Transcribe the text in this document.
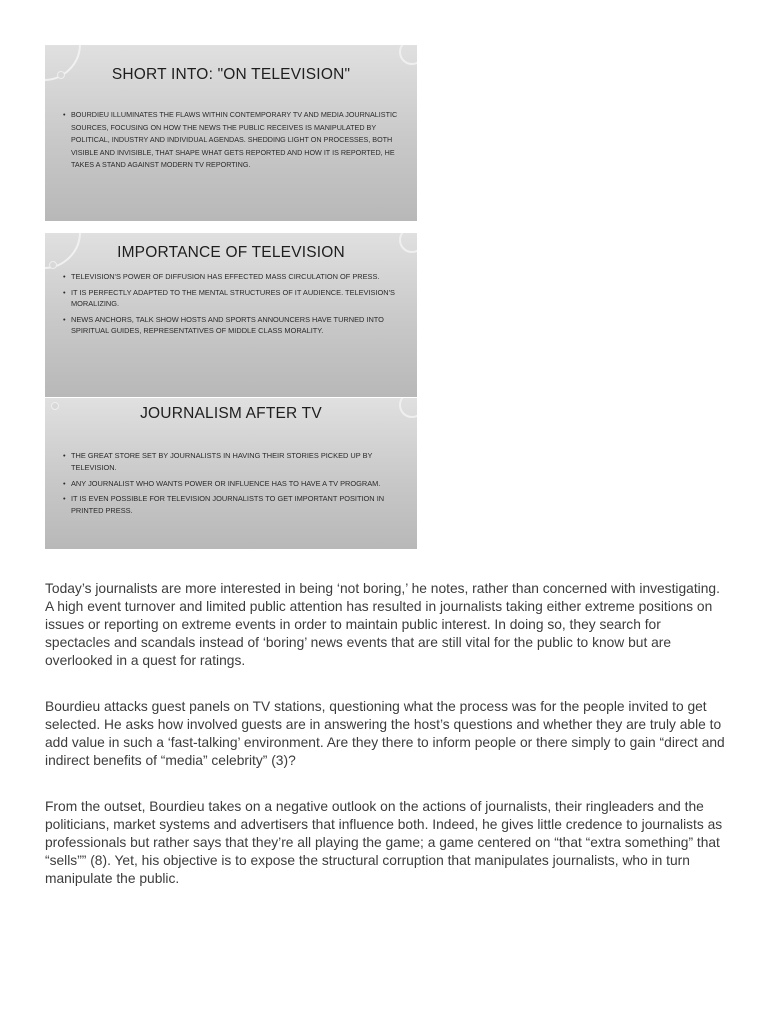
SHORT INTO: "ON TELEVISION"
• BOURDIEU ILLUMINATES THE FLAWS WITHIN CONTEMPORARY TV AND MEDIA JOURNALISTIC SOURCES, FOCUSING ON HOW THE NEWS THE PUBLIC RECEIVES IS MANIPULATED BY POLITICAL, INDUSTRY AND INDIVIDUAL AGENDAS. SHEDDING LIGHT ON PROCESSES, BOTH VISIBLE AND INVISIBLE, THAT SHAPE WHAT GETS REPORTED AND HOW IT IS REPORTED, HE TAKES A STAND AGAINST MODERN TV REPORTING.
IMPORTANCE OF TELEVISION
• TELEVISION'S POWER OF DIFFUSION HAS EFFECTED MASS CIRCULATION OF PRESS.
• IT IS PERFECTLY ADAPTED TO THE MENTAL STRUCTURES OF IT AUDIENCE. TELEVISION'S MORALIZING.
• NEWS ANCHORS, TALK SHOW HOSTS AND SPORTS ANNOUNCERS HAVE TURNED INTO SPIRITUAL GUIDES, REPRESENTATIVES OF MIDDLE CLASS MORALITY.
JOURNALISM AFTER TV
• THE GREAT STORE SET BY JOURNALISTS IN HAVING THEIR STORIES PICKED UP BY TELEVISION.
• ANY JOURNALIST WHO WANTS POWER OR INFLUENCE HAS TO HAVE A TV PROGRAM.
• IT IS EVEN POSSIBLE FOR TELEVISION JOURNALISTS TO GET IMPORTANT POSITION IN PRINTED PRESS.

Today’s journalists are more interested in being ‘not boring,’ he notes, rather than concerned with investigating. A high event turnover and limited public attention has resulted in journalists taking either extreme positions on issues or reporting on extreme events in order to maintain public interest. In doing so, they search for spectacles and scandals instead of ‘boring’ news events that are still vital for the public to know but are overlooked in a quest for ratings.

Bourdieu attacks guest panels on TV stations, questioning what the process was for the people invited to get selected. He asks how involved guests are in answering the host’s questions and whether they are truly able to add value in such a ‘fast-talking’ environment. Are they there to inform people or there simply to gain “direct and indirect benefits of “media” celebrity” (3)?

From the outset, Bourdieu takes on a negative outlook on the actions of journalists, their ringleaders and the politicians, market systems and advertisers that influence both. Indeed, he gives little credence to journalists as professionals but rather says that they’re all playing the game; a game centered on “that “extra something” that “sells”” (8). Yet, his objective is to expose the structural corruption that manipulates journalists, who in turn manipulate the public.
